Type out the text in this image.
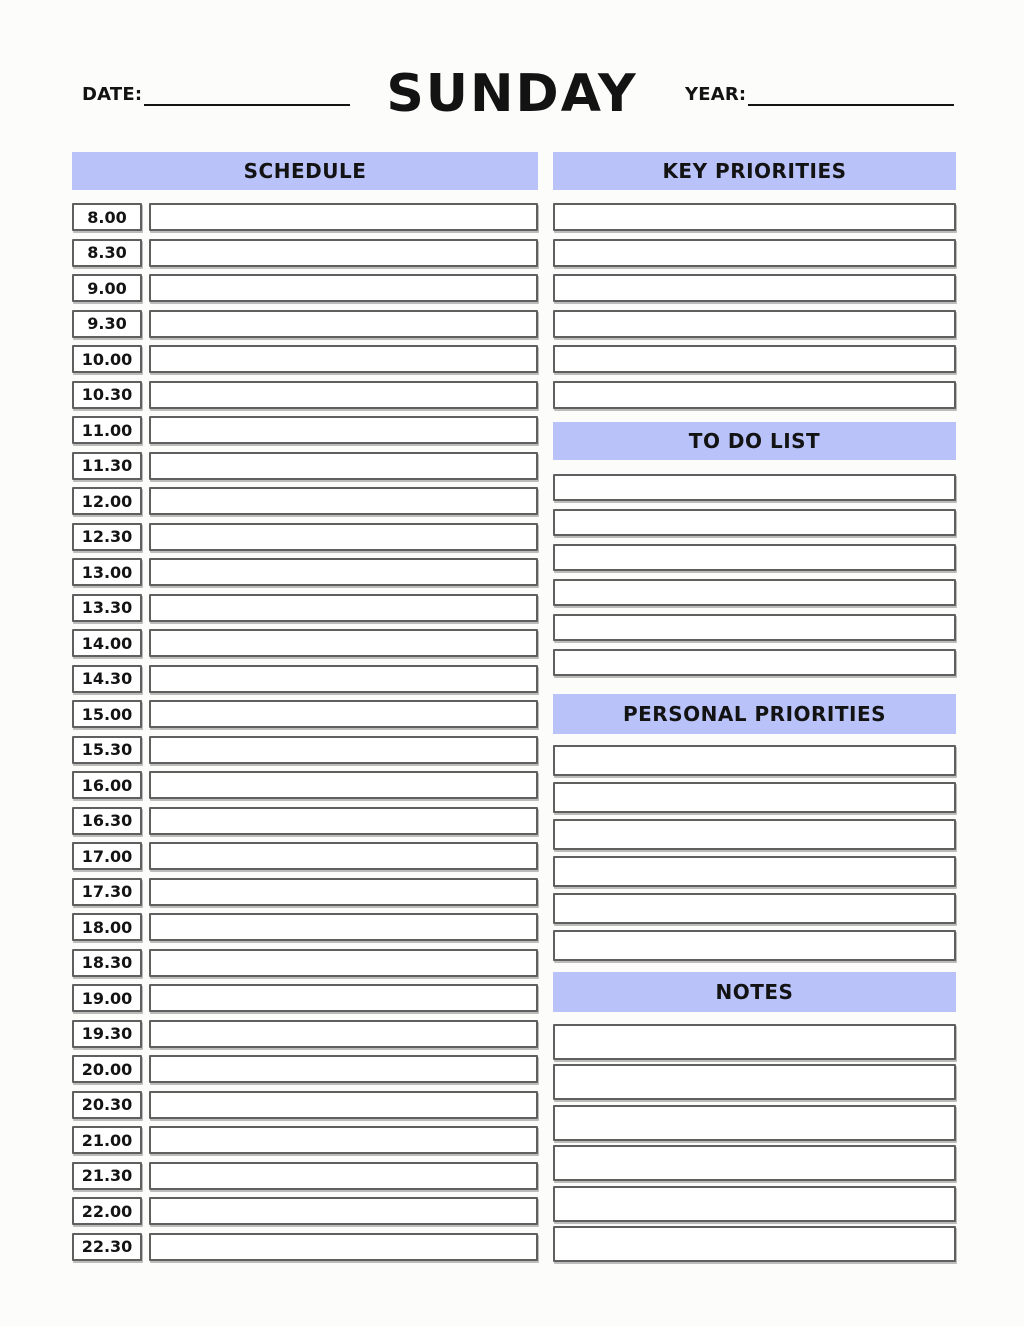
DATE:	SUNDAY	YEAR:
SCHEDULE
8.00
8.30
9.00
9.30
10.00
10.30
11.00
11.30
12.00
12.30
13.00
13.30
14.00
14.30
15.00
15.30
16.00
16.30
17.00
17.30
18.00
18.30
19.00
19.30
20.00
20.30
21.00
21.30
22.00
22.30
KEY PRIORITIES
TO DO LIST
PERSONAL PRIORITIES
NOTES
